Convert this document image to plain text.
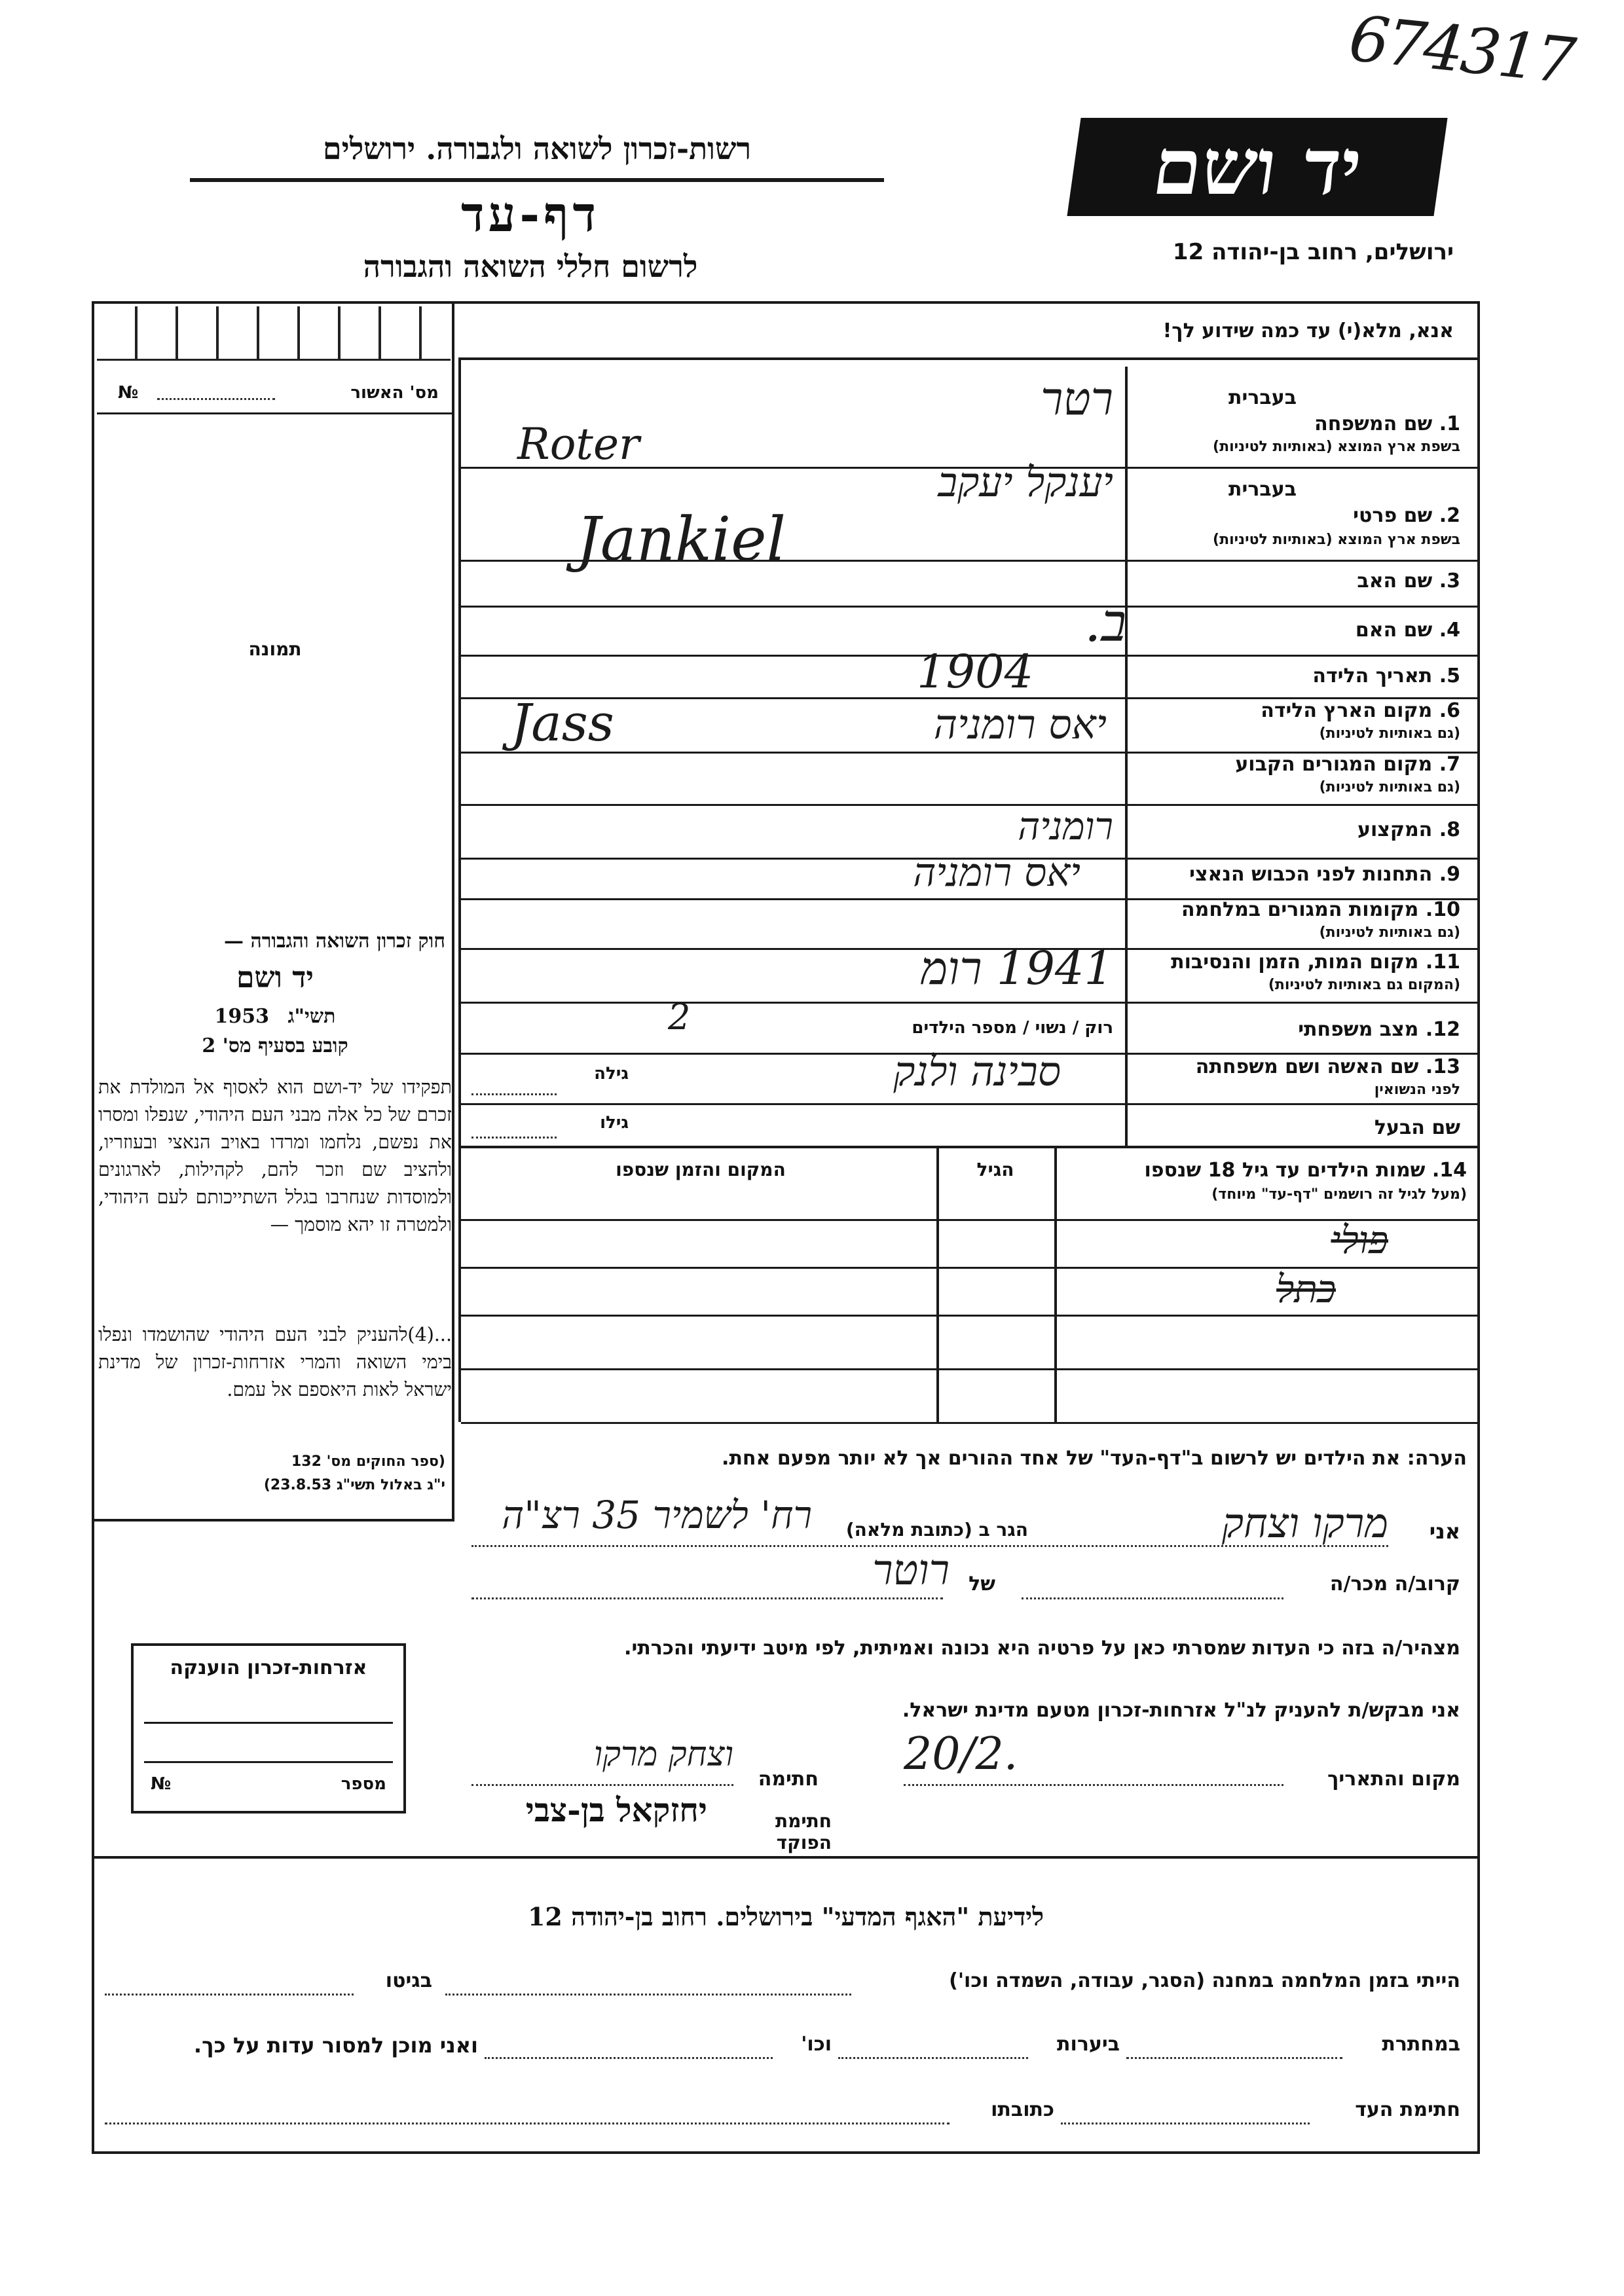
674317
רשות-זכרון לשואה ולגבורה. ירושלים
דף-עד
לרשום חללי השואה והגבורה
יד ושם
ירושלים, רחוב בן-יהודה 12
אנא, מלא(י) עד כמה שידוע לך!
מס' האשור
№
תמונה
חוק זכרון השואה והגבורה —
יד ושם
1953 תשי"ג
קובע בסעיף מס' 2
תפקידו של יד-ושם הוא לאסוף אל המולדת את זכרם של כל אלה מבני העם היהודי, שנפלו ומסרו את נפשם, נלחמו ומרדו באויב הנאצי ובעוזריו, ולהציב שם וזכר להם, לקהילות, לארגונים ולמוסדות שנחרבו בגלל השתייכותם לעם היהודי, ולמטרה זו יהא מוסמך —
...(4)להעניק לבני העם היהודי שהושמדו ונפלו בימי השואה והמרי אזרחות-זכרון של מדינת ישראל לאות היאספם אל עמם.
(ספר החוקים מס' 132
י"ג באלול תשי"ג 23.8.53)
בעברית
1. שם המשפחה
בשפת ארץ המוצא (באותיות לטיניות)
רטר
Roter
בעברית
2. שם פרטי
בשפת ארץ המוצא (באותיות לטיניות)
יענקל יעקב
Jankiel
3. שם האב
4. שם האם
ב.
5. תאריך הלידה
1904
6. מקום הארץ הלידה
(גם באותיות לטיניות)
יאס רומניה
Jass
7. מקום המגורים הקבוע
(גם באותיות לטיניות)
8. המקצוע
רומניה
9. התחנות לפני הכבוש הנאצי
יאס רומניה
10. מקומות המגורים במלחמה
(גם באותיות לטיניות)
11. מקום המות, הזמן והנסיבות
(המקום גם באותיות לטיניות)
1941 רומ
12. מצב משפחתי
רוק / נשוי / מספר הילדים
2
13. שם האשה ושם משפחתה
לפני הנשואין
סבינה ולנק
גילה
שם הבעל
גילו
14. שמות הילדים עד גיל 18 שנספו
(מעל לגיל זה רושמים "דף-עד" מיוחד)
הגיל
המקום והזמן שנספו
פולי
כתל
הערה: את הילדים יש לרשום ב"דף-העד" של אחד ההורים אך לא יותר מפעם אחת.
אני
מרקו וצחק
הגר ב (כתובת מלאה)
רח' לשמיר 35 רצ"ה
קרוב/ה מכר/ה
של
רוטר
מצהיר/ה בזה כי העדות שמסרתי כאן על פרטיה היא נכונה ואמיתית, לפי מיטב ידיעתי והכרתי.
אני מבקש/ת להעניק לנ"ל אזרחות-זכרון מטעם מדינת ישראל.
אזרחות-זכרון הוענקה
מספר
№	מקום והתאריך
20/2.
חתימה
וצחק מרקו
חתימת הפוקד
יחזקאל בן-צבי
לידיעת "האגף המדעי" בירושלים. רחוב בן-יהודה 12
הייתי בזמן המלחמה במחנה (הסגר, עבודה, השמדה וכו')
בגיטו
במחתרת
ביערות
וכו'
ואני מוכן למסור עדות על כך.
חתימת העד
כתובתו
